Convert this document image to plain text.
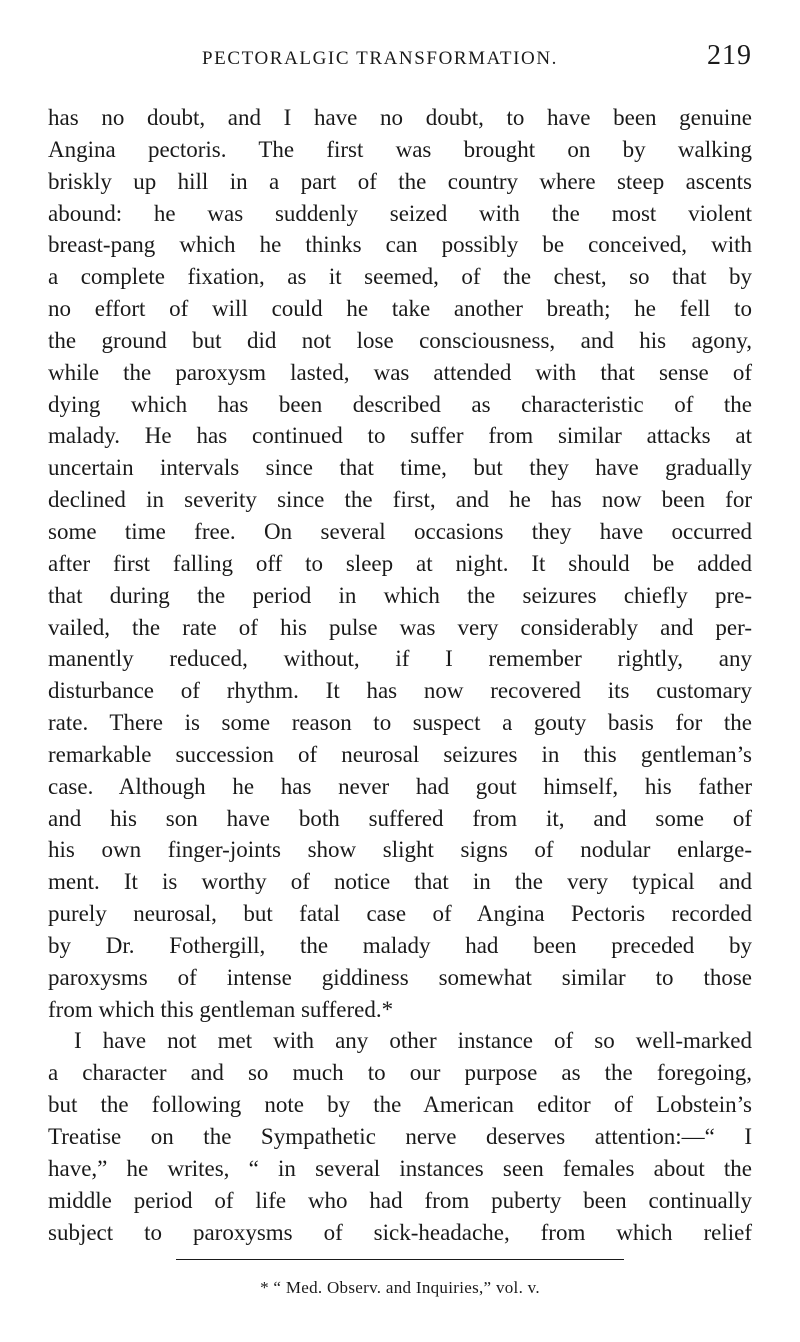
PECTORALGIC TRANSFORMATION.	219
has no doubt, and I have no doubt, to have been genuine
Angina pectoris. The first was brought on by walking
briskly up hill in a part of the country where steep ascents
abound: he was suddenly seized with the most violent
breast-pang which he thinks can possibly be conceived, with
a complete fixation, as it seemed, of the chest, so that by
no effort of will could he take another breath; he fell to
the ground but did not lose consciousness, and his agony,
while the paroxysm lasted, was attended with that sense of
dying which has been described as characteristic of the
malady. He has continued to suffer from similar attacks at
uncertain intervals since that time, but they have gradually
declined in severity since the first, and he has now been for
some time free. On several occasions they have occurred
after first falling off to sleep at night. It should be added
that during the period in which the seizures chiefly pre-
vailed, the rate of his pulse was very considerably and per-
manently reduced, without, if I remember rightly, any
disturbance of rhythm. It has now recovered its customary
rate. There is some reason to suspect a gouty basis for the
remarkable succession of neurosal seizures in this gentleman’s
case. Although he has never had gout himself, his father
and his son have both suffered from it, and some of
his own finger-joints show slight signs of nodular enlarge-
ment. It is worthy of notice that in the very typical and
purely neurosal, but fatal case of Angina Pectoris recorded
by Dr. Fothergill, the malady had been preceded by
paroxysms of intense giddiness somewhat similar to those
from which this gentleman suffered.*
I have not met with any other instance of so well-marked
a character and so much to our purpose as the foregoing,
but the following note by the American editor of Lobstein’s
Treatise on the Sympathetic nerve deserves attention:—“ I
have,” he writes, “ in several instances seen females about the
middle period of life who had from puberty been continually
subject to paroxysms of sick-headache, from which relief
* “ Med. Observ. and Inquiries,” vol. v.
